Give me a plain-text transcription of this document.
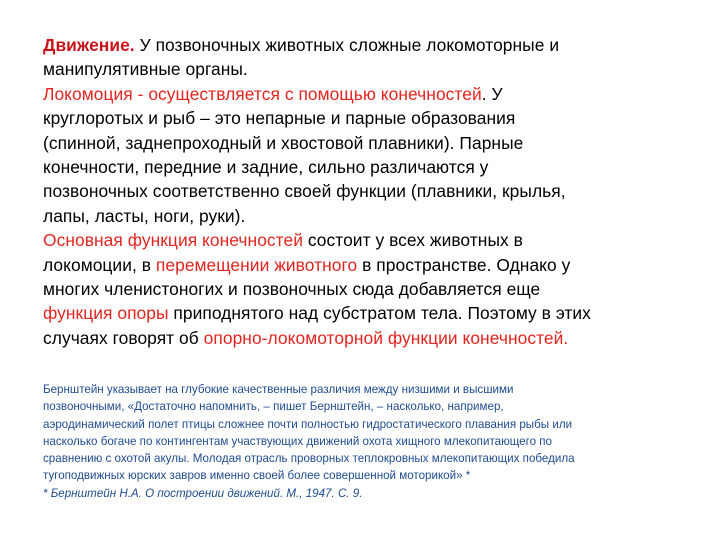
Движение. У позвоночных животных сложные локомоторные и
манипулятивные органы.
Локомоция - осуществляется с помощью конечностей. У
круглоротых и рыб – это непарные и парные образования
(спинной, заднепроходный и хвостовой плавники). Парные
конечности, передние и задние, сильно различаются у
позвоночных соответственно своей функции (плавники, крылья,
лапы, ласты, ноги, руки).
Основная функция конечностей состоит у всех животных в
локомоции, в перемещении животного в пространстве. Однако у
многих членистоногих и позвоночных сюда добавляется еще
функция опоры приподнятого над субстратом тела. Поэтому в этих
случаях говорят об опорно-локомоторной функции конечностей.
Бернштейн указывает на глубокие качественные различия между низшими и высшими
позвоночными, «Достаточно напомнить, – пишет Бернштейн, – насколько, например,
аэродинамический полет птицы сложнее почти полностью гидростатического плавания рыбы или
насколько богаче по контингентам участвующих движений охота хищного млекопитающего по
сравнению с охотой акулы. Молодая отрасль проворных теплокровных млекопитающих победила
тугоподвижных юрских завров именно своей более совершенной моторикой» *
* Бернштейн Н.А. О построении движений. М., 1947. С. 9.
